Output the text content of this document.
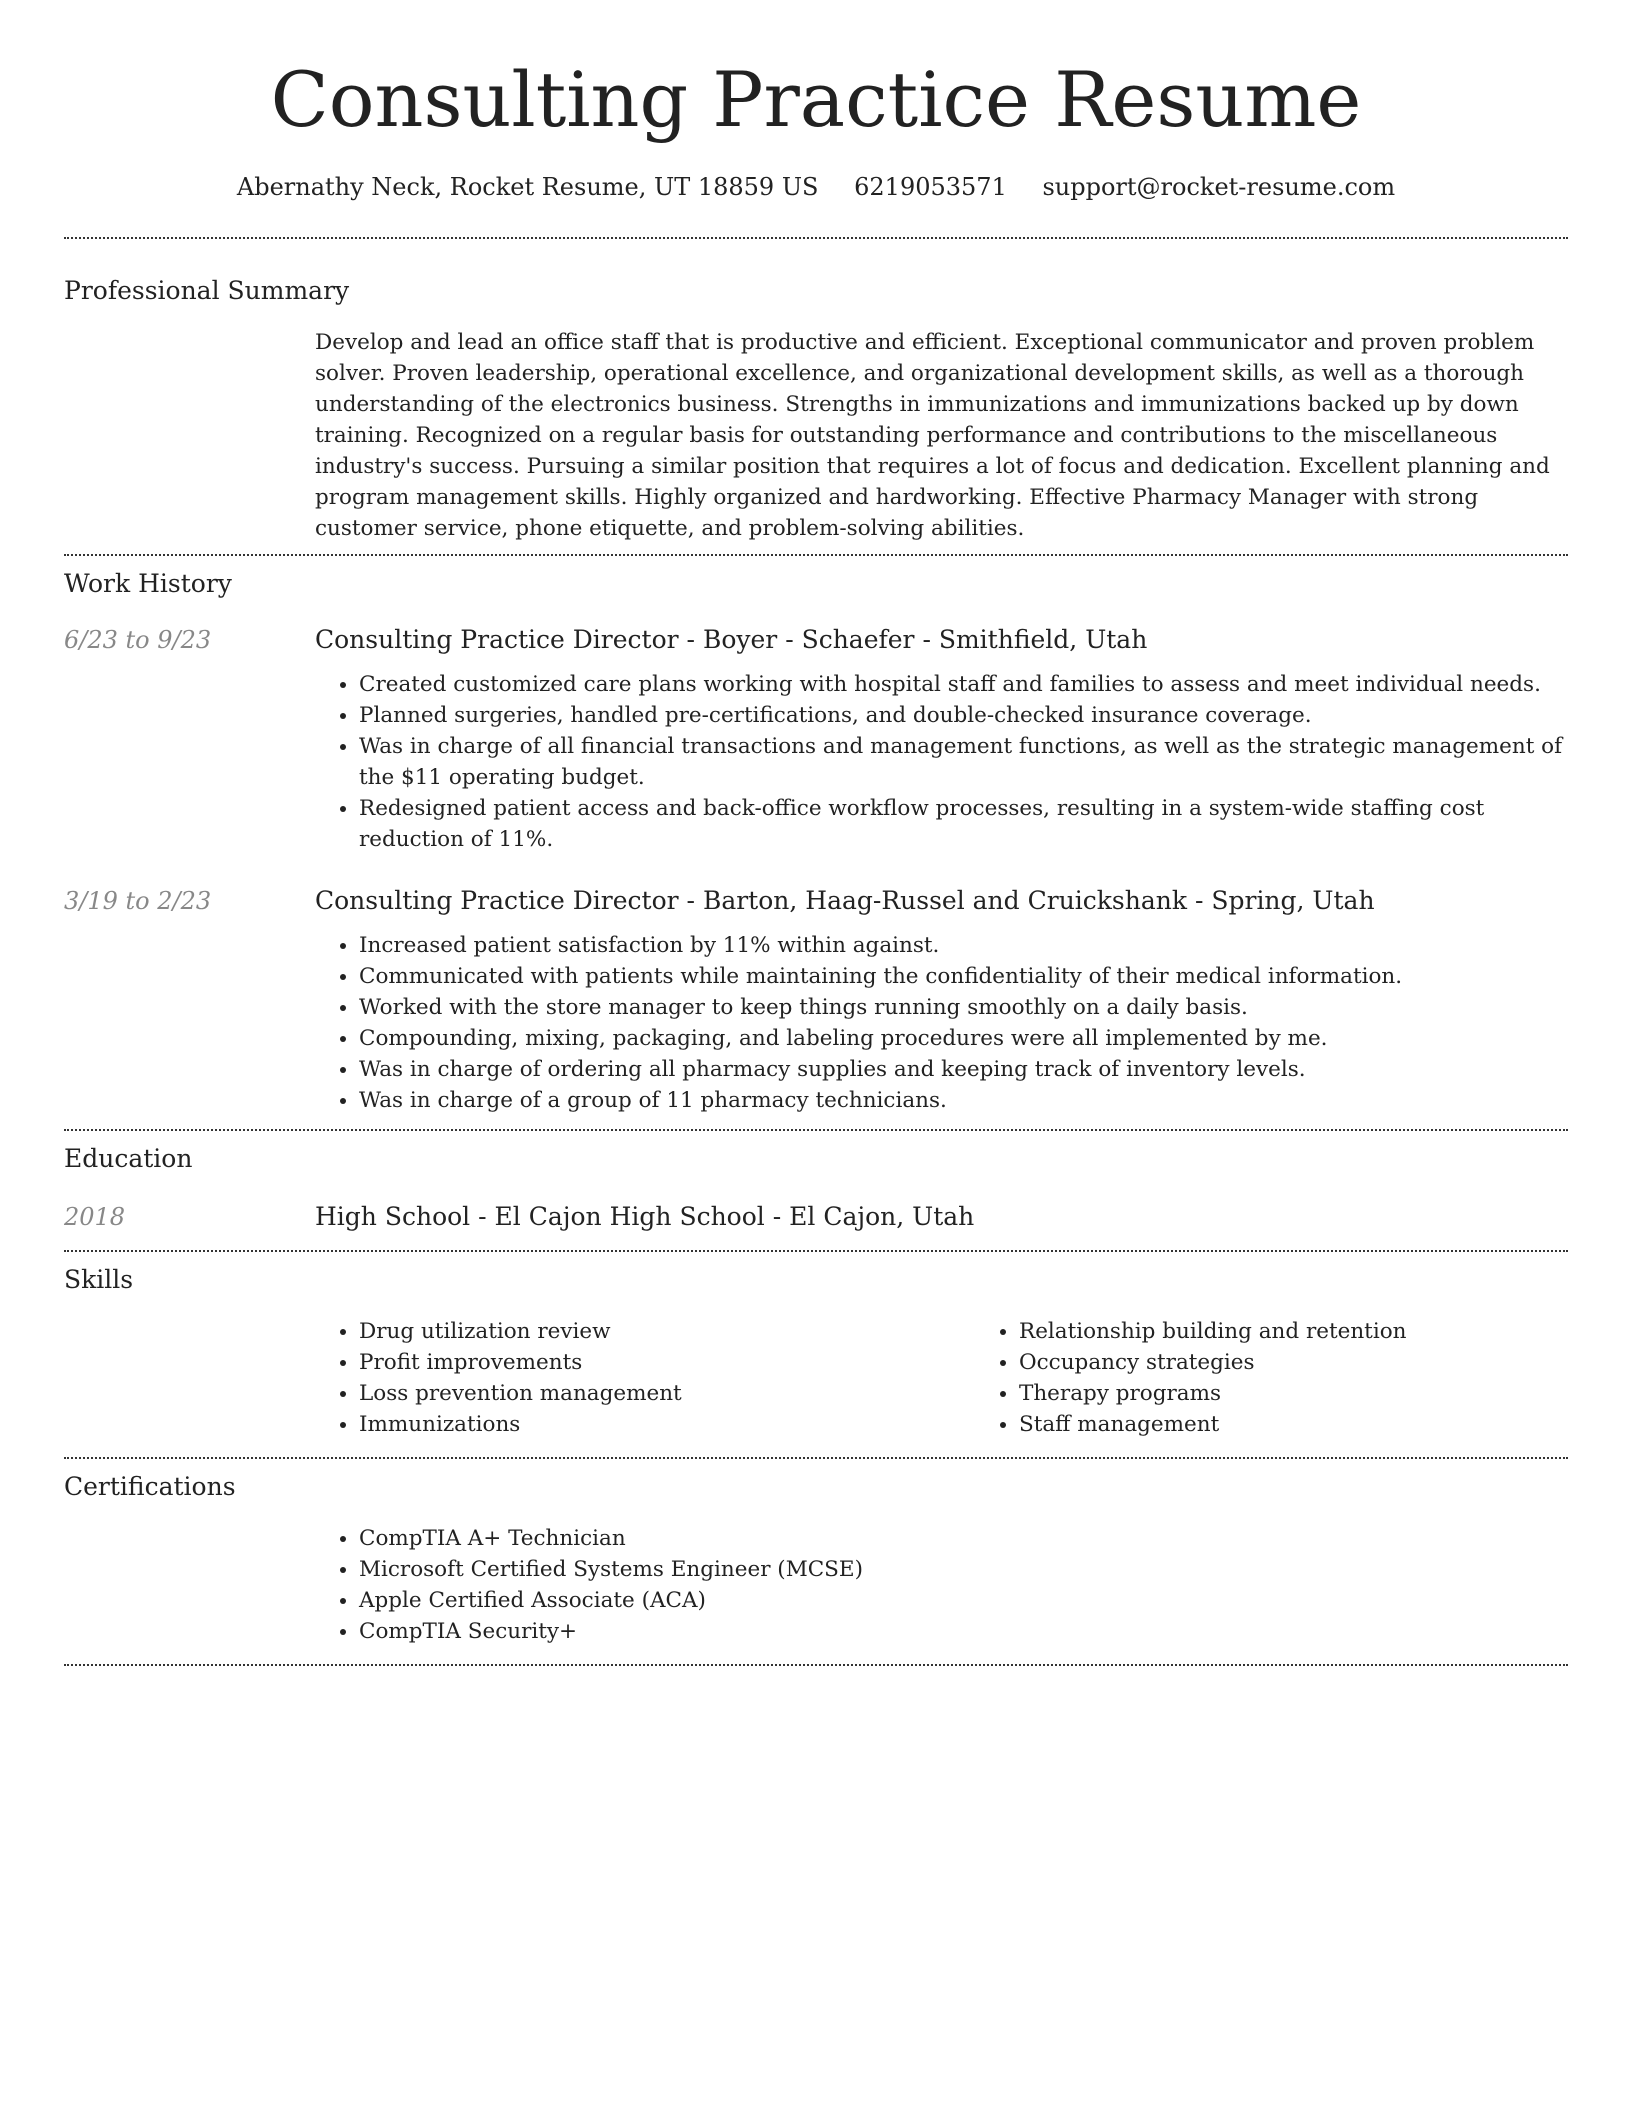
Consulting Practice Resume
Abernathy Neck, Rocket Resume, UT 18859 US 6219053571 support@rocket-resume.com
Professional Summary

Develop and lead an office staff that is productive and efficient. Exceptional communicator and proven problem solver. Proven leadership, operational excellence, and organizational development skills, as well as a thorough understanding of the electronics business. Strengths in immunizations and immunizations backed up by down training. Recognized on a regular basis for outstanding performance and contributions to the miscellaneous industry's success. Pursuing a similar position that requires a lot of focus and dedication. Excellent planning and program management skills. Highly organized and hardworking. Effective Pharmacy Manager with strong customer service, phone etiquette, and problem-solving abilities.

Work History
6/23 to 9/23	Consulting Practice Director - Boyer - Schaefer - Smithfield, Utah

• Created customized care plans working with hospital staff and families to assess and meet individual needs.
• Planned surgeries, handled pre-certifications, and double-checked insurance coverage.
• Was in charge of all financial transactions and management functions, as well as the strategic management of the $11 operating budget.
• Redesigned patient access and back-office workflow processes, resulting in a system-wide staffing cost reduction of 11%.
3/19 to 2/23	Consulting Practice Director - Barton, Haag-Russel and Cruickshank - Spring, Utah

• Increased patient satisfaction by 11% within against.
• Communicated with patients while maintaining the confidentiality of their medical information.
• Worked with the store manager to keep things running smoothly on a daily basis.
• Compounding, mixing, packaging, and labeling procedures were all implemented by me.
• Was in charge of ordering all pharmacy supplies and keeping track of inventory levels.
• Was in charge of a group of 11 pharmacy technicians.
Education
2018	High School - El Cajon High School - El Cajon, Utah

Skills
• Drug utilization review
• Profit improvements
• Loss prevention management
• Immunizations
• Relationship building and retention
• Occupancy strategies
• Therapy programs
• Staff management
Certifications
• CompTIA A+ Technician
• Microsoft Certified Systems Engineer (MCSE)
• Apple Certified Associate (ACA)
• CompTIA Security+
